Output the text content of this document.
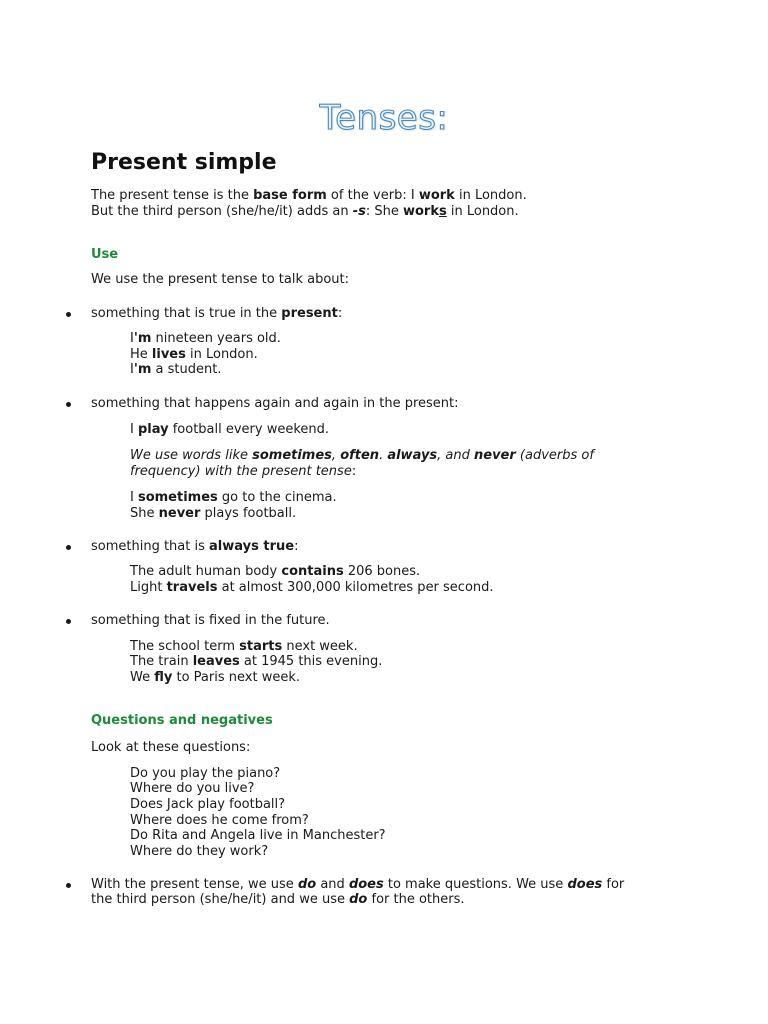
Tenses:
Present simple
The present tense is the base form of the verb: I work in London.
But the third person (she/he/it) adds an -s: She works in London.
Use
We use the present tense to talk about:
something that is true in the present:
I'm nineteen years old.
He lives in London.
I'm a student.
something that happens again and again in the present:
I play football every weekend.
We use words like sometimes, often. always, and never (adverbs of
frequency) with the present tense:
I sometimes go to the cinema.
She never plays football.
something that is always true:
The adult human body contains 206 bones.
Light travels at almost 300,000 kilometres per second.
something that is fixed in the future.
The school term starts next week.
The train leaves at 1945 this evening.
We fly to Paris next week.
Questions and negatives
Look at these questions:
Do you play the piano?
Where do you live?
Does Jack play football?
Where does he come from?
Do Rita and Angela live in Manchester?
Where do they work?
With the present tense, we use do and does to make questions. We use does for
the third person (she/he/it) and we use do for the others.
